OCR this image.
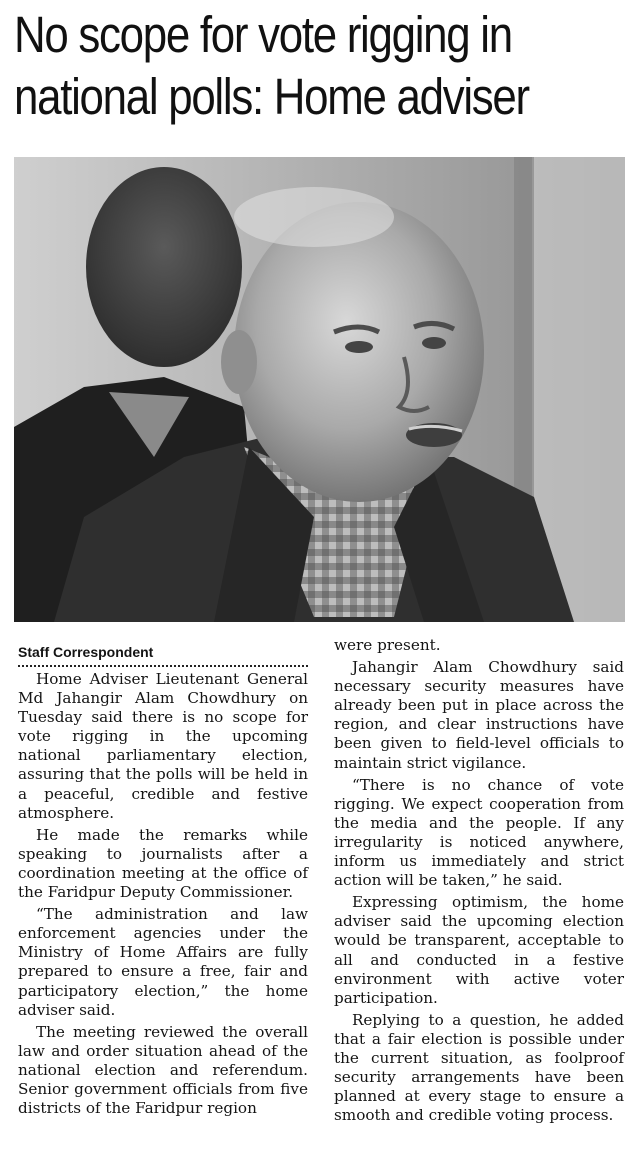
No scope for vote rigging in
national polls: Home adviser
Staff Correspondent

Home Adviser Lieutenant General Md Jahangir Alam Chowdhury on Tuesday said there is no scope for vote rigging in the upcoming national parliamentary election, assuring that the polls will be held in a peaceful, credible and festive atmosphere.

He made the remarks while speaking to journalists after a coordination meeting at the office of the Faridpur Deputy Commissioner.

“The administration and law enforcement agencies under the Ministry of Home Affairs are fully prepared to ensure a free, fair and participatory election,” the home adviser said.

The meeting reviewed the overall law and order situation ahead of the national election and referendum. Senior government officials from five districts of the Faridpur region

were present.

Jahangir Alam Chowdhury said necessary security measures have already been put in place across the region, and clear instructions have been given to field-level officials to maintain strict vigilance.

“There is no chance of vote rigging. We expect cooperation from the media and the people. If any irregularity is noticed anywhere, inform us immediately and strict action will be taken,” he said.

Expressing optimism, the home adviser said the upcoming election would be transparent, acceptable to all and conducted in a festive environment with active voter participation.

Replying to a question, he added that a fair election is possible under the current situation, as foolproof security arrangements have been planned at every stage to ensure a smooth and credible voting process.
